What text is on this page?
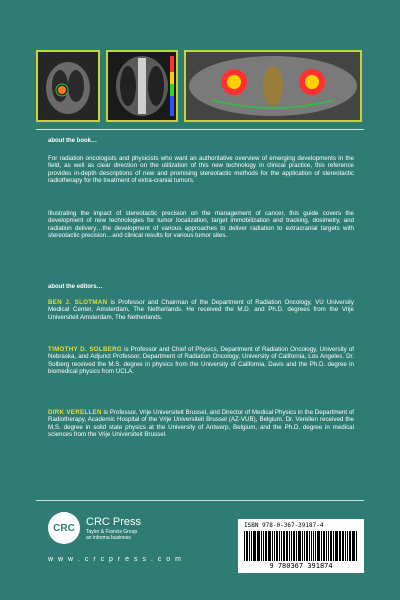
about the book…

For radiation oncologists and physicists who want an authoritative overview of emerging developments in the field, as well as clear direction on the utilization of this new technology in clinical practice, this reference provides in-depth descriptions of new and promising stereotactic methods for the application of stereotactic radiotherapy for the treatment of extra-cranial tumors.

Illustrating the impact of stereotactic precision on the management of cancer, this guide covers the development of new technologies for tumor localization, target immobilization and tracking, dosimetry, and radiation delivery…the development of various approaches to deliver radiation to extracranial targets with stereotactic precision…and clinical results for various tumor sites.

about the editors…

BEN J. SLOTMAN is Professor and Chairman of the Department of Radiation Oncology, VU University Medical Center, Amsterdam, The Netherlands. He received the M.D. and Ph.D. degrees from the Vrije Universiteit Amsterdam, The Netherlands.

TIMOTHY D. SOLBERG is Professor and Chief of Physics, Department of Radiation Oncology, University of Nebraska, and Adjunct Professor, Department of Radiation Oncology, University of California, Los Angeles. Dr. Solberg received the M.S. degree in physics from the University of California, Davis and the Ph.D. degree in biomedical physics from UCLA.

DIRK VERELLEN is Professor, Vrije Universiteit Brussel, and Director of Medical Physics in the Department of Radiotherapy, Academic Hospital of the Vrije Universiteit Brussel (AZ-VUB), Belgium. Dr. Verellen received the M.S. degree in solid state physics at the University of Antwerp, Belgium, and the Ph.D. degree in medical sciences from the Vrije Universiteit Brussel.

CRC	CRC Press
Taylor & Francis Group
an informa business
w w w . c r c p r e s s . c o m
ISBN 978-0-367-39187-4
9 780367 391874
